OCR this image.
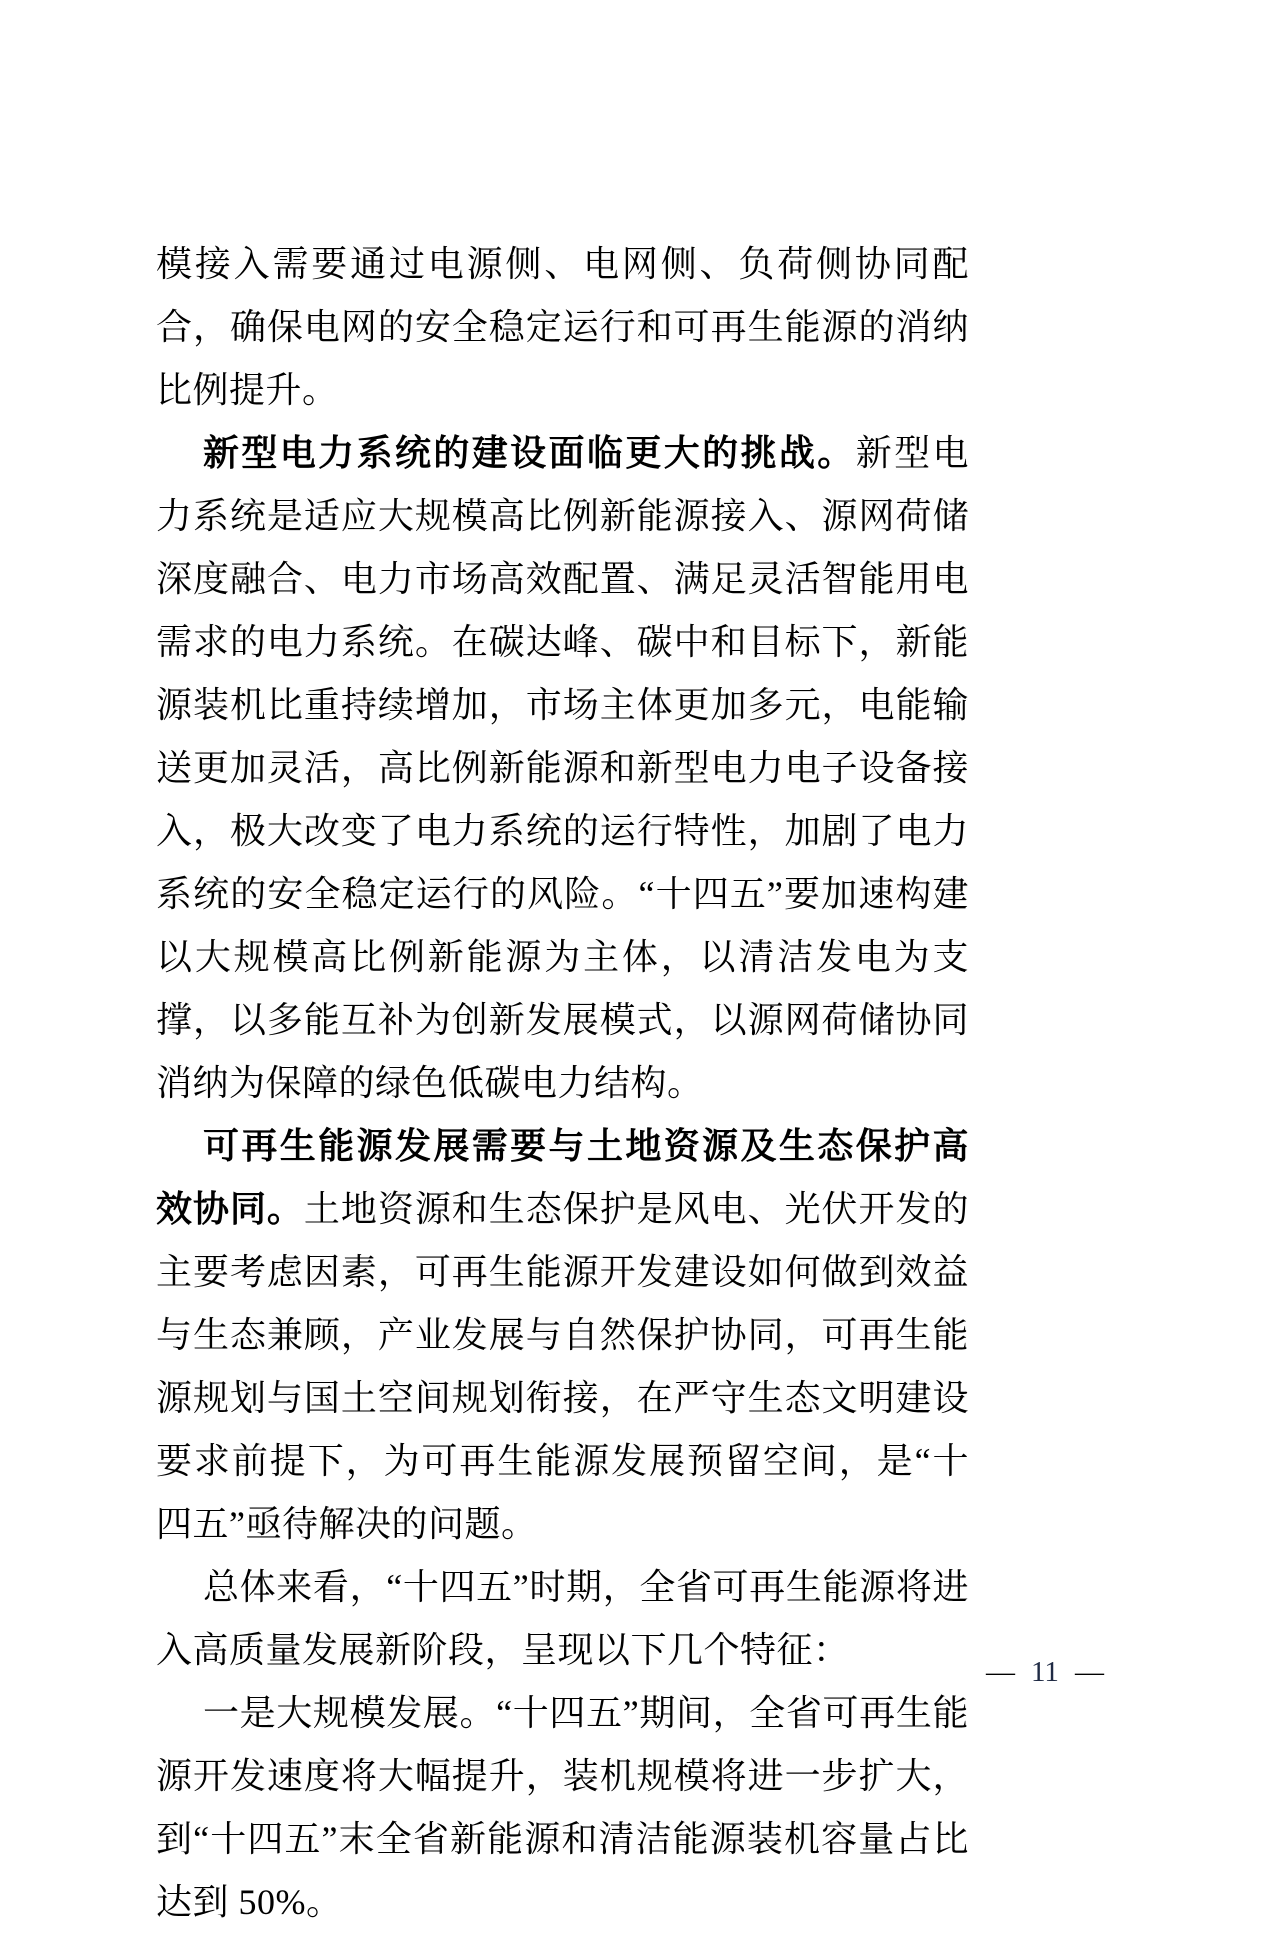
模接入需要通过电源侧、电网侧、负荷侧协同配合，确保电网的安全稳定运行和可再生能源的消纳比例提升。

新型电力系统的建设面临更大的挑战。新型电力系统是适应大规模高比例新能源接入、源网荷储深度融合、电力市场高效配置、满足灵活智能用电需求的电力系统。在碳达峰、碳中和目标下，新能源装机比重持续增加，市场主体更加多元，电能输送更加灵活，高比例新能源和新型电力电子设备接入，极大改变了电力系统的运行特性，加剧了电力系统的安全稳定运行的风险。“十四五”要加速构建以大规模高比例新能源为主体，以清洁发电为支撑，以多能互补为创新发展模式，以源网荷储协同消纳为保障的绿色低碳电力结构。

可再生能源发展需要与土地资源及生态保护高效协同。土地资源和生态保护是风电、光伏开发的主要考虑因素，可再生能源开发建设如何做到效益与生态兼顾，产业发展与自然保护协同，可再生能源规划与国土空间规划衔接，在严守生态文明建设要求前提下，为可再生能源发展预留空间，是“十四五”亟待解决的问题。

总体来看，“十四五”时期，全省可再生能源将进入高质量发展新阶段，呈现以下几个特征：

一是大规模发展。“十四五”期间，全省可再生能源开发速度将大幅提升，装机规模将进一步扩大，到“十四五”末全省新能源和清洁能源装机容量占比达到 50%。

— 11 —
